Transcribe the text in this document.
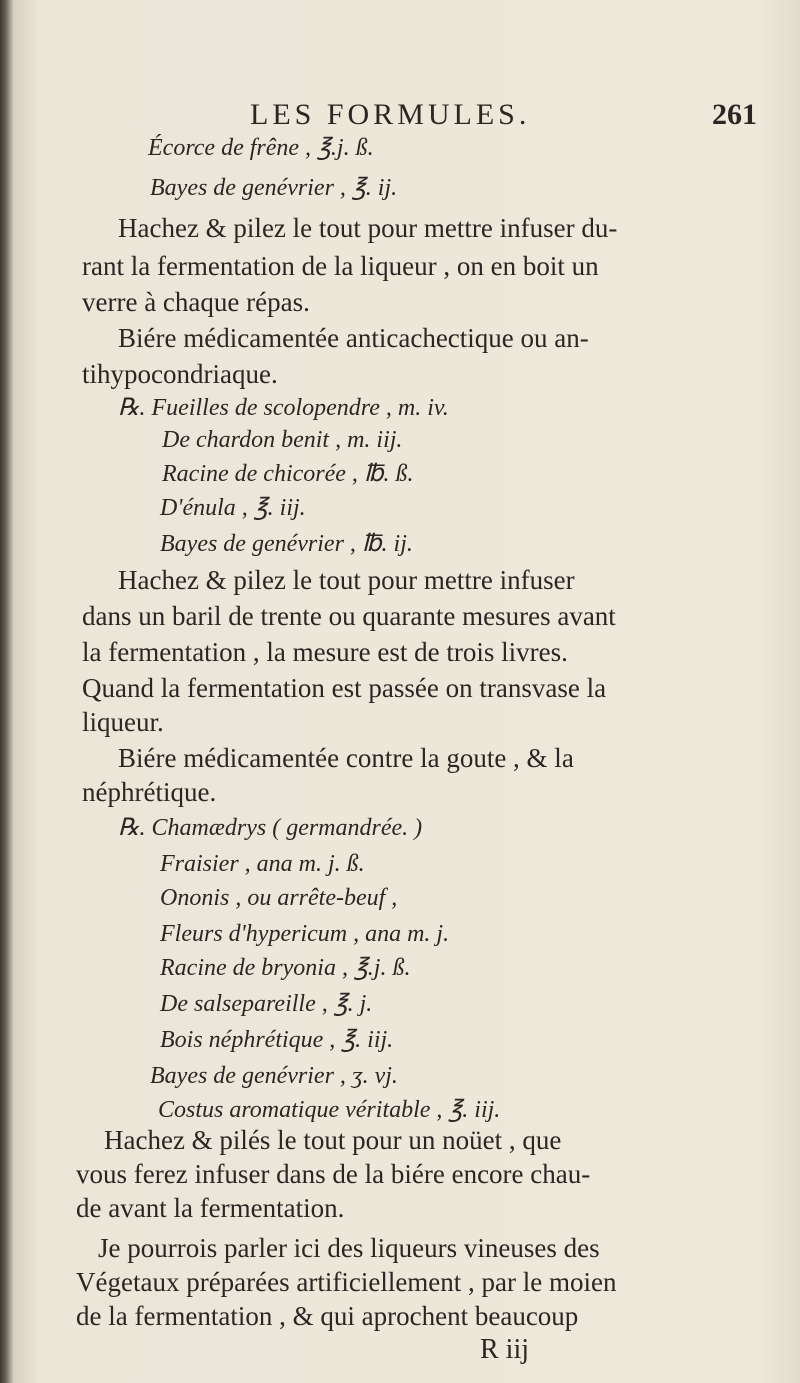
LES FORMULES.	261
Écorce de frêne , ℥.j. ß.
Bayes de genévrier , ℥. ij.
Hachez & pilez le tout pour mettre infuser du-
rant la fermentation de la liqueur , on en boit un
verre à chaque répas.
Biére médicamentée anticachectique ou an-
tihypocondriaque.
℞. Fueilles de scolopendre , m. iv.
De chardon benit , m. iij.
Racine de chicorée , ℔. ß.
D'énula , ℥. iij.
Bayes de genévrier , ℔. ij.
Hachez & pilez le tout pour mettre infuser
dans un baril de trente ou quarante mesures avant
la fermentation , la mesure est de trois livres.
Quand la fermentation est passée on transvase la
liqueur.
Biére médicamentée contre la goute , & la
néphrétique.
℞. Chamædrys ( germandrée. )
Fraisier , ana m. j. ß.
Ononis , ou arrête-beuf ,
Fleurs d'hypericum , ana m. j.
Racine de bryonia , ℥.j. ß.
De salsepareille , ℥. j.
Bois néphrétique , ℥. iij.
Bayes de genévrier , ʒ. vj.
Costus aromatique véritable , ℥. iij.
Hachez & pilés le tout pour un noüet , que
vous ferez infuser dans de la biére encore chau-
de avant la fermentation.
Je pourrois parler ici des liqueurs vineuses des
Végetaux préparées artificiellement , par le moien
de la fermentation , & qui aprochent beaucoup
R iij
